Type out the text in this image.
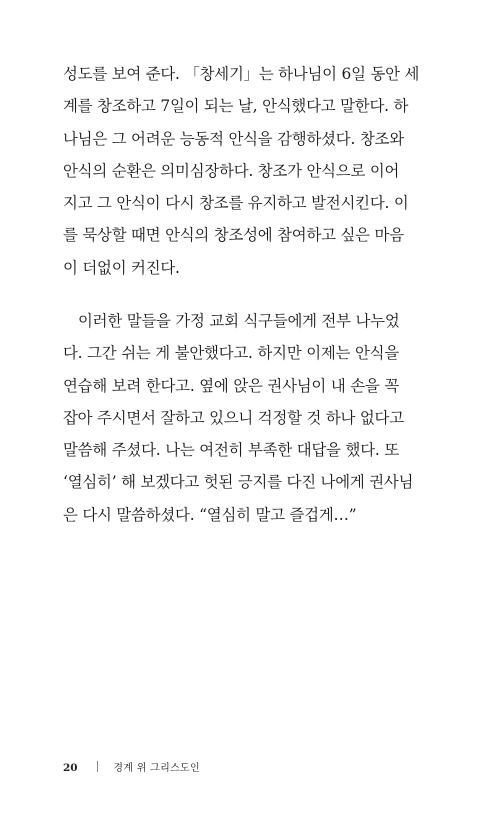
성도를 보여 준다. 「창세기」는 하나님이 6일 동안 세
계를 창조하고 7일이 되는 날, 안식했다고 말한다. 하
나님은 그 어려운 능동적 안식을 감행하셨다. 창조와
안식의 순환은 의미심장하다. 창조가 안식으로 이어
지고 그 안식이 다시 창조를 유지하고 발전시킨다. 이
를 묵상할 때면 안식의 창조성에 참여하고 싶은 마음
이 더없이 커진다.
이러한 말들을 가정 교회 식구들에게 전부 나누었
다. 그간 쉬는 게 불안했다고. 하지만 이제는 안식을
연습해 보려 한다고. 옆에 앉은 권사님이 내 손을 꼭
잡아 주시면서 잘하고 있으니 걱정할 것 하나 없다고
말씀해 주셨다. 나는 여전히 부족한 대답을 했다. 또
‘열심히’ 해 보겠다고 헛된 긍지를 다진 나에게 권사님
은 다시 말씀하셨다. “열심히 말고 즐겁게…”
20	경계 위 그리스도인
